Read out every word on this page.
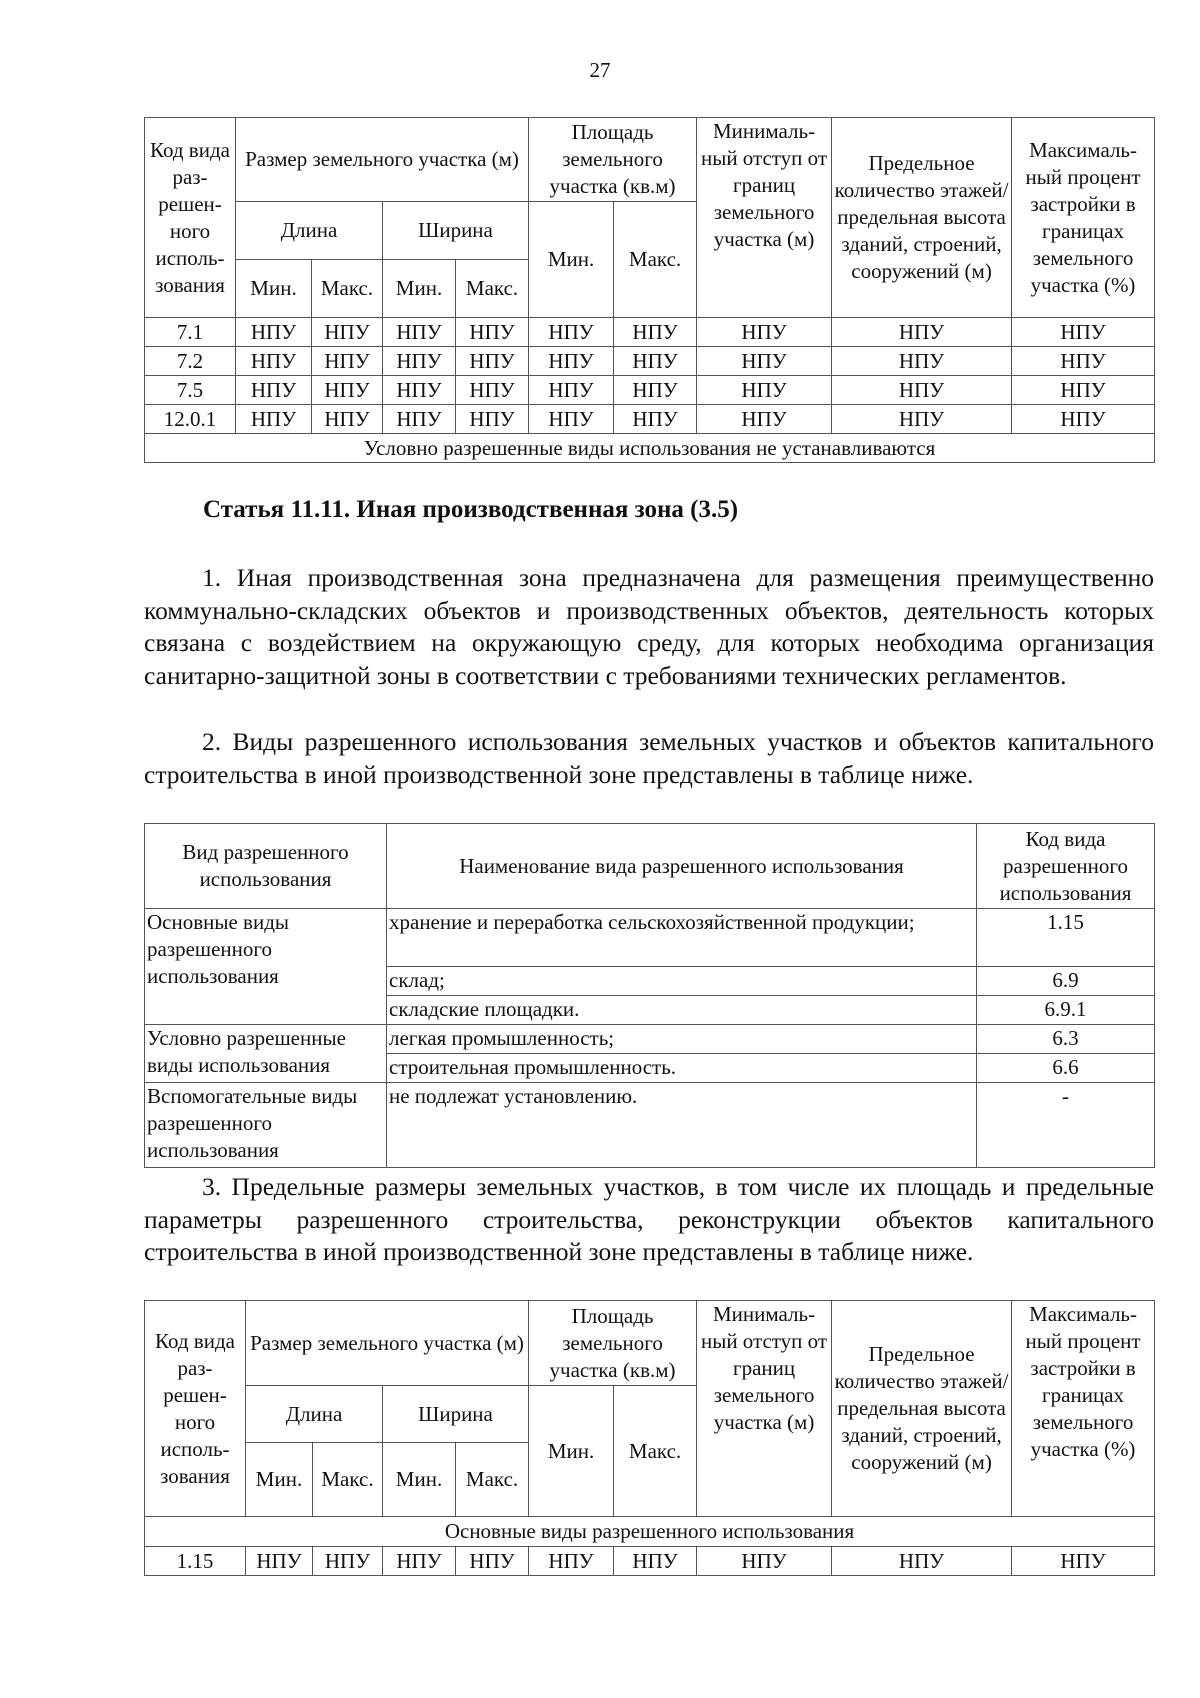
27
Код вида раз-решен-ного исполь-зования	Размер земельного участка (м)				Площадь земельного участка (кв.м)		Минималь-ный отступ от границ земельного участка (м)	Предельное количество этажей/ предельная высота зданий, строений, сооружений (м)	Максималь-ный процент застройки в границах земельного участка (%)
	Длина		Ширина		Мин.	Макс.			
	Мин.	Макс.	Мин.	Макс.					
7.1	НПУ	НПУ	НПУ	НПУ	НПУ	НПУ	НПУ	НПУ	НПУ
7.2	НПУ	НПУ	НПУ	НПУ	НПУ	НПУ	НПУ	НПУ	НПУ
7.5	НПУ	НПУ	НПУ	НПУ	НПУ	НПУ	НПУ	НПУ	НПУ
12.0.1	НПУ	НПУ	НПУ	НПУ	НПУ	НПУ	НПУ	НПУ	НПУ
Условно разрешенные виды использования не устанавливаются									
Статья 11.11. Иная производственная зона (3.5)
1. Иная производственная зона предназначена для размещения преимущественно коммунально-складских объектов и производственных объектов, деятельность которых связана с воздействием на окружающую среду, для которых необходима организация санитарно-защитной зоны в соответствии с требованиями технических регламентов.
2. Виды разрешенного использования земельных участков и объектов капитального строительства в иной производственной зоне представлены в таблице ниже.
Вид разрешенного использования	Наименование вида разрешенного использования	Код вида разрешенного использования
Основные виды разрешенного использования	хранение и переработка сельскохозяйственной продукции;	1.15
	склад;	6.9
	складские площадки.	6.9.1
Условно разрешенные виды использования	легкая промышленность;	6.3
	строительная промышленность.	6.6
Вспомогательные виды разрешенного использования	не подлежат установлению.	-
3. Предельные размеры земельных участков, в том числе их площадь и предельные параметры разрешенного строительства, реконструкции объектов капитального строительства в иной производственной зоне представлены в таблице ниже.
Код вида раз-решен-ного исполь-зования	Размер земельного участка (м)				Площадь земельного участка (кв.м)		Минималь-ный отступ от границ земельного участка (м)	Предельное количество этажей/ предельная высота зданий, строений, сооружений (м)	Максималь-ный процент застройки в границах земельного участка (%)
	Длина		Ширина		Мин.	Макс.			
	Мин.	Макс.	Мин.	Макс.					
Основные виды разрешенного использования									
1.15	НПУ	НПУ	НПУ	НПУ	НПУ	НПУ	НПУ	НПУ	НПУ
